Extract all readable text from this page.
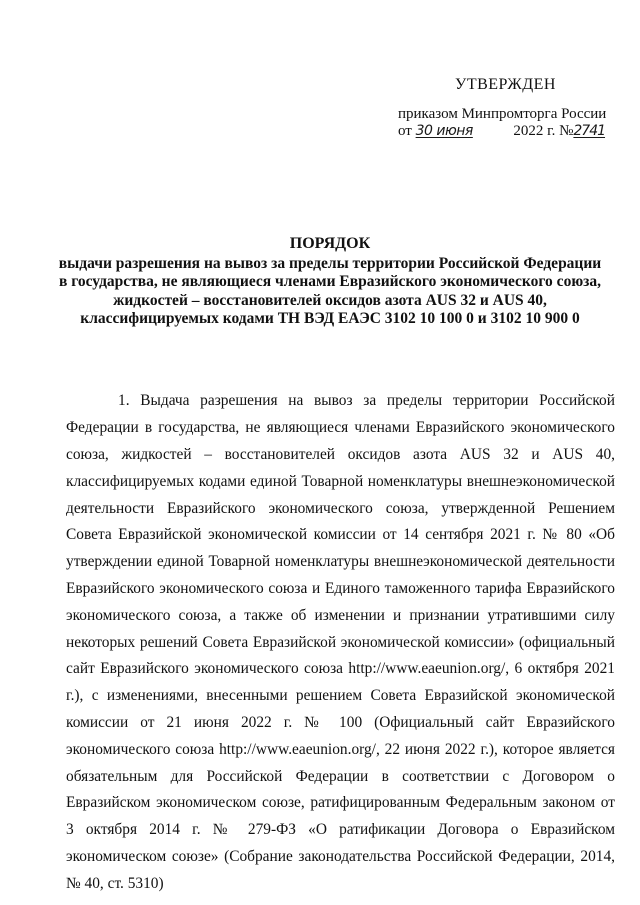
УТВЕРЖДЕН
приказом Минпромторга России
от 30 июня	2022 г. №2741
ПОРЯДОК
выдачи разрешения на вывоз за пределы территории Российской Федерации
в государства, не являющиеся членами Евразийского экономического союза,
жидкостей – восстановителей оксидов азота AUS 32 и AUS 40,
классифицируемых кодами ТН ВЭД ЕАЭС 3102 10 100 0 и 3102 10 900 0

1. Выдача разрешения на вывоз за пределы территории Российской Федерации в государства, не являющиеся членами Евразийского экономического союза, жидкостей – восстановителей оксидов азота AUS 32 и AUS 40, классифицируемых кодами единой Товарной номенклатуры внешнеэкономической деятельности Евразийского экономического союза, утвержденной Решением Совета Евразийской экономической комиссии от 14 сентября 2021 г. № 80 «Об утверждении единой Товарной номенклатуры внешнеэкономической деятельности Евразийского экономического союза и Единого таможенного тарифа Евразийского экономического союза, а также об изменении и признании утратившими силу некоторых решений Совета Евразийской экономической комиссии» (официальный сайт Евразийского экономического союза http://www.eaeunion.org/, 6 октября 2021 г.), с изменениями, внесенными решением Совета Евразийской экономической комиссии от 21 июня 2022 г. № 100 (Официальный сайт Евразийского экономического союза http://www.eaeunion.org/, 22 июня 2022 г.), которое является обязательным для Российской Федерации в соответствии с Договором о Евразийском экономическом союзе, ратифицированным Федеральным законом от 3 октября 2014 г. № 279-ФЗ «О ратификации Договора о Евразийском экономическом союзе» (Собрание законодательства Российской Федерации, 2014, № 40, ст. 5310)
